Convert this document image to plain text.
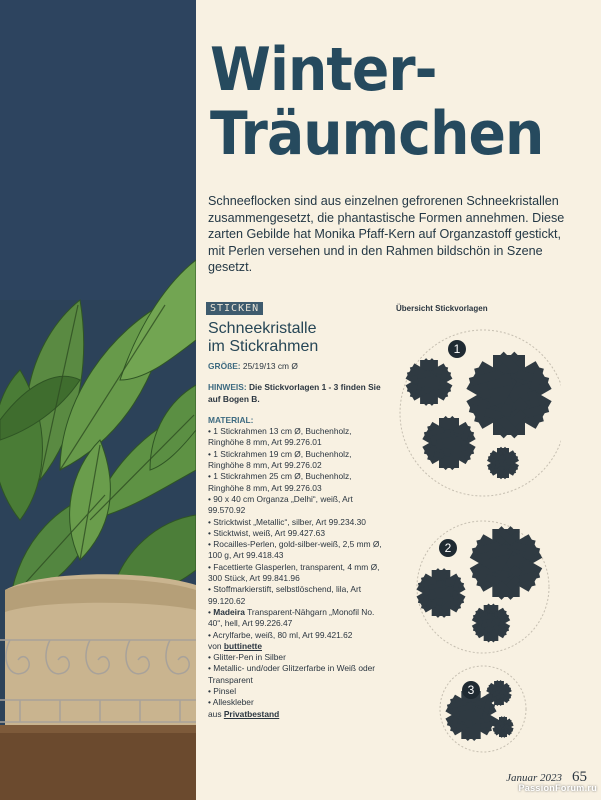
Winter-
Träumchen
Schneeflocken sind aus einzelnen gefrorenen Schneekristallen zusammengesetzt, die phantastische Formen annehmen. Diese zarten Gebilde hat Monika Pfaff-Kern auf Organzastoff gestickt, mit Perlen versehen und in den Rahmen bildschön in Szene gesetzt.
STICKEN
Schneekristalle
im Stickrahmen

GRÖßE: 25/19/13 cm Ø

HINWEIS: Die Stickvorlagen 1 - 3 finden Sie auf Bogen B.

MATERIAL:

• 1 Stickrahmen 13 cm Ø, Buchenholz, Ringhöhe 8 mm, Art 99.276.01

• 1 Stickrahmen 19 cm Ø, Buchenholz, Ringhöhe 8 mm, Art 99.276.02

• 1 Stickrahmen 25 cm Ø, Buchenholz, Ringhöhe 8 mm, Art 99.276.03

• 90 x 40 cm Organza „Delhi“, weiß, Art 99.570.92

• Stricktwist „Metallic“, silber, Art 99.234.30

• Sticktwist, weiß, Art 99.427.63

• Rocailles-Perlen, gold-silber-weiß, 2,5 mm Ø, 100 g, Art 99.418.43

• Facettierte Glasperlen, transparent, 4 mm Ø, 300 Stück, Art 99.841.96

• Stoffmarkierstift, selbstlöschend, lila, Art 99.120.62

• Madeira Transparent-Nähgarn „Monofil No. 40“, hell, Art 99.226.47

• Acrylfarbe, weiß, 80 ml, Art 99.421.62

von buttinette

• Glitter-Pen in Silber

• Metallic- und/oder Glitzerfarbe in Weiß oder Transparent

• Pinsel

• Alleskleber

aus Privatbestand

Übersicht Stickvorlagen
1
2
3
Januar 2023 65
PassionForum.ru
